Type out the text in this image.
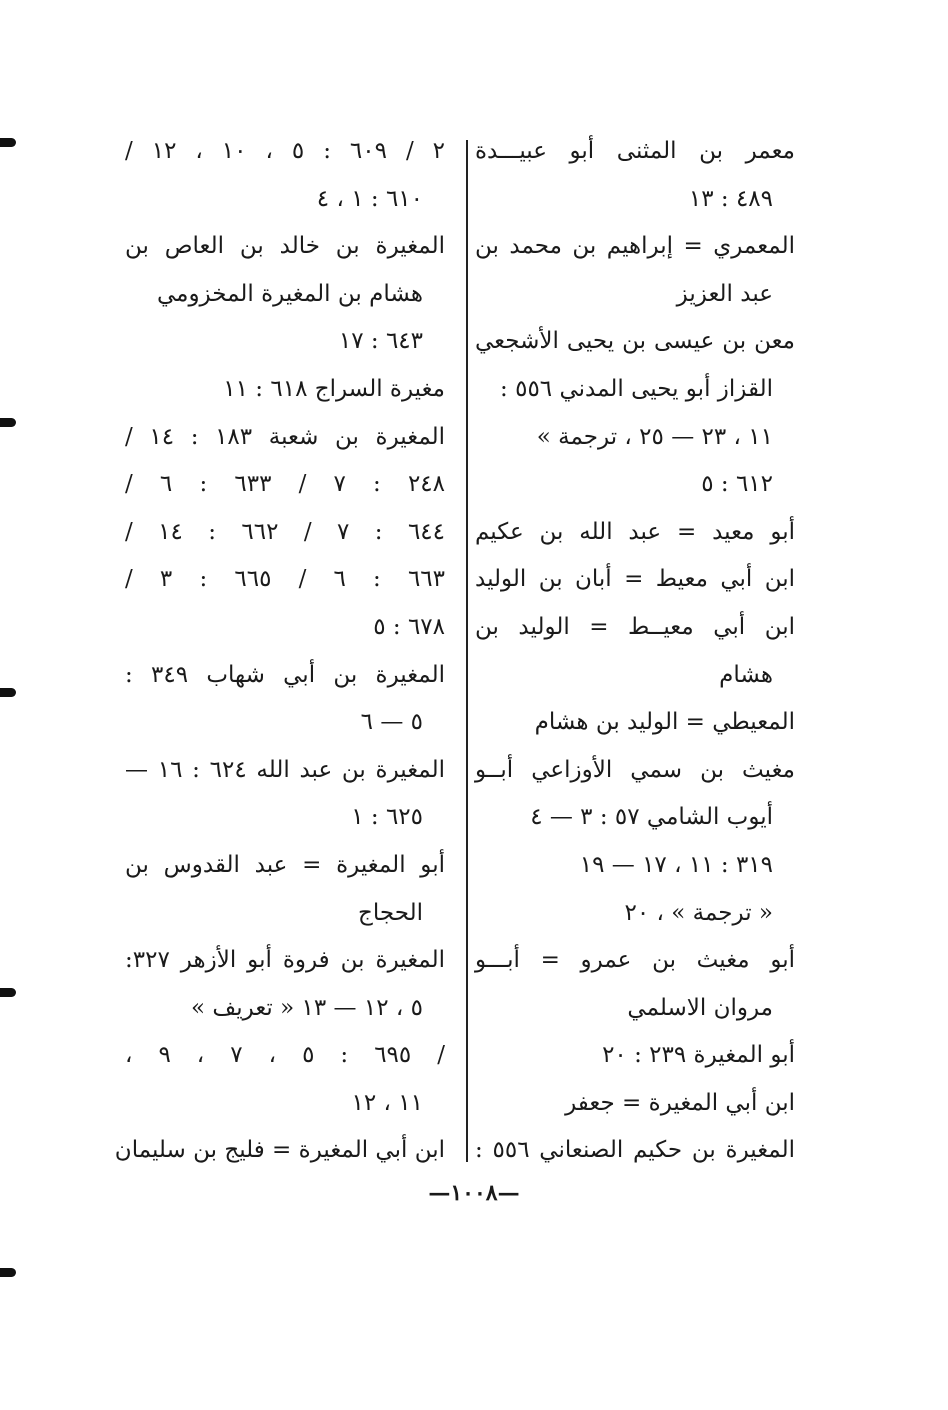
معمر بن المثنى أبو عبيـــدة
٤٨٩ : ١٣
المعمري = إبراهيم بن محمد بن
عبد العزيز
معن بن عيسى بن يحيى الأشجعي
القزاز أبو يحيى المدني ٥٥٦ :
١١ ، ٢٣ — ٢٥ ، ترجمة »
٦١٢ : ٥
أبو معيد = عبد الله بن عكيم
ابن أبي معيط = أبان بن الوليد
ابن أبي معيــط = الوليد بن
هشام
المعيطي = الوليد بن هشام
مغيث بن سمي الأوزاعي أبــو
أيوب الشامي ٥٧ : ٣ — ٤
٣١٩ : ١١ ، ١٧ — ١٩
« ترجمة » ، ٢٠
أبو مغيث بن عمرو = أبـــو
مروان الاسلمي
أبو المغيرة ٢٣٩ : ٢٠
ابن أبي المغيرة = جعفر
المغيرة بن حكيم الصنعاني ٥٥٦ :
٢ / ٦٠٩ : ٥ ، ١٠ ، ١٢ /
٦١٠ : ١ ، ٤
المغيرة بن خالد بن العاص بن
هشام بن المغيرة المخزومي
٦٤٣ : ١٧
مغيرة السراج ٦١٨ : ١١
المغيرة بن شعبة ١٨٣ : ١٤ /
٢٤٨ : ٧ / ٦٣٣ : ٦ /
٦٤٤ : ٧ / ٦٦٢ : ١٤ /
٦٦٣ : ٦ / ٦٦٥ : ٣ /
٦٧٨ : ٥
المغيرة بن أبي شهاب ٣٤٩ :
٥ — ٦
المغيرة بن عبد الله ٦٢٤ : ١٦ —
٦٢٥ : ١
أبو المغيرة = عبد القدوس بن
الحجاج
المغيرة بن فروة أبو الأزهر ٣٢٧:
٥ ، ١٢ — ١٣ « تعريف »
/ ٦٩٥ : ٥ ، ٧ ، ٩ ،
١١ ، ١٢
ابن أبي المغيرة = فليج بن سليمان
—١٠٠٨—
